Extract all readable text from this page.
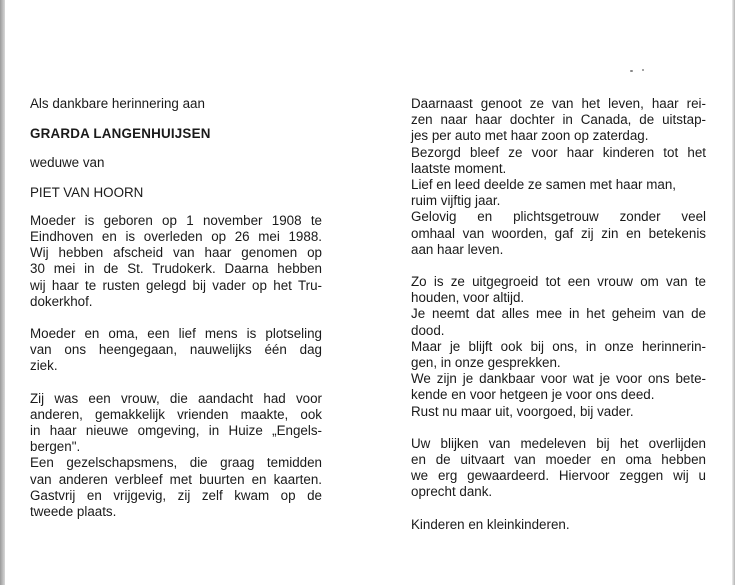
Als dankbare herinnering aan
GRARDA LANGENHUIJSEN
weduwe van
PIET VAN HOORN
Moeder is geboren op 1 november 1908 te
Eindhoven en is overleden op 26 mei 1988.
Wij hebben afscheid van haar genomen op
30 mei in de St. Trudokerk. Daarna hebben
wij haar te rusten gelegd bij vader op het Tru-
dokerkhof.
Moeder en oma, een lief mens is plotseling
van ons heengegaan, nauwelijks één dag
ziek.
Zij was een vrouw, die aandacht had voor
anderen, gemakkelijk vrienden maakte, ook
in haar nieuwe omgeving, in Huize „Engels-
bergen".
Een gezelschapsmens, die graag temidden
van anderen verbleef met buurten en kaarten.
Gastvrij en vrijgevig, zij zelf kwam op de
tweede plaats.
Daarnaast genoot ze van het leven, haar rei-
zen naar haar dochter in Canada, de uitstap-
jes per auto met haar zoon op zaterdag.
Bezorgd bleef ze voor haar kinderen tot het
laatste moment.
Lief en leed deelde ze samen met haar man,
ruim vijftig jaar.
Gelovig en plichtsgetrouw zonder veel
omhaal van woorden, gaf zij zin en betekenis
aan haar leven.
Zo is ze uitgegroeid tot een vrouw om van te
houden, voor altijd.
Je neemt dat alles mee in het geheim van de
dood.
Maar je blijft ook bij ons, in onze herinnerin-
gen, in onze gesprekken.
We zijn je dankbaar voor wat je voor ons bete-
kende en voor hetgeen je voor ons deed.
Rust nu maar uit, voorgoed, bij vader.
Uw blijken van medeleven bij het overlijden
en de uitvaart van moeder en oma hebben
we erg gewaardeerd. Hiervoor zeggen wij u
oprecht dank.
Kinderen en kleinkinderen.
